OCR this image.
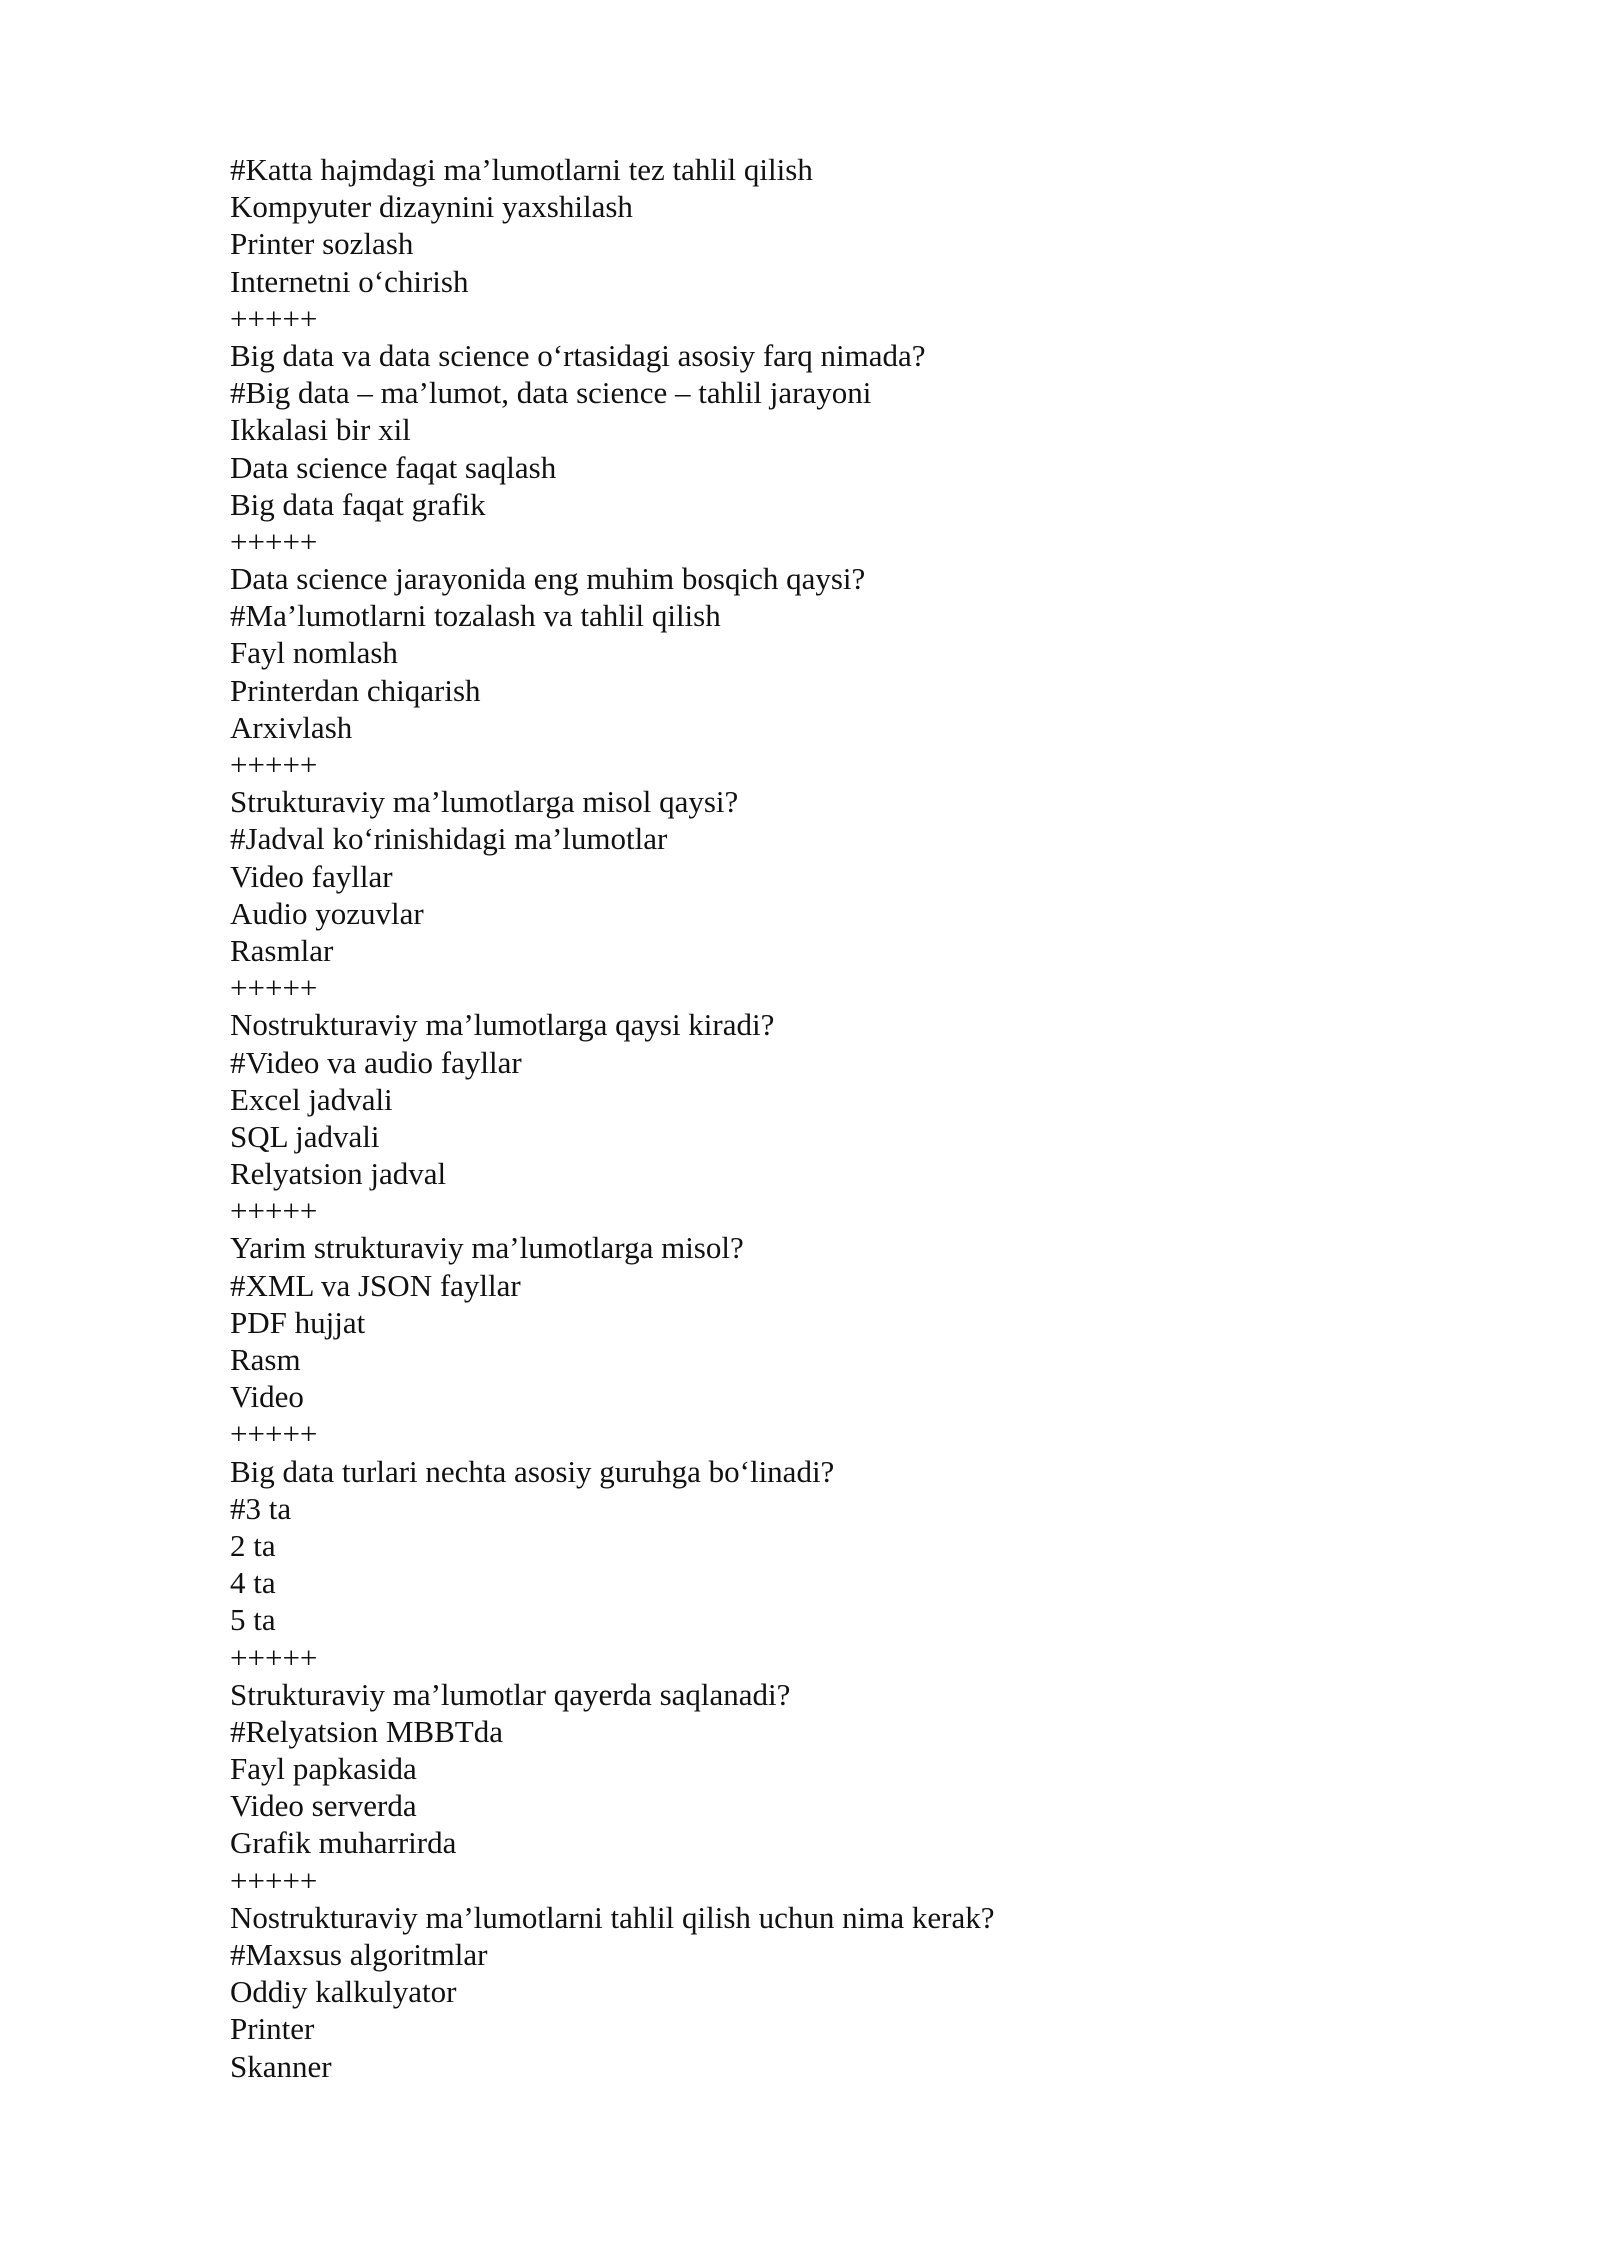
#Katta hajmdagi ma’lumotlarni tez tahlil qilish
Kompyuter dizaynini yaxshilash
Printer sozlash
Internetni o‘chirish
+++++
Big data va data science o‘rtasidagi asosiy farq nimada?
#Big data – ma’lumot, data science – tahlil jarayoni
Ikkalasi bir xil
Data science faqat saqlash
Big data faqat grafik
+++++
Data science jarayonida eng muhim bosqich qaysi?
#Ma’lumotlarni tozalash va tahlil qilish
Fayl nomlash
Printerdan chiqarish
Arxivlash
+++++
Strukturaviy ma’lumotlarga misol qaysi?
#Jadval ko‘rinishidagi ma’lumotlar
Video fayllar
Audio yozuvlar
Rasmlar
+++++
Nostrukturaviy ma’lumotlarga qaysi kiradi?
#Video va audio fayllar
Excel jadvali
SQL jadvali
Relyatsion jadval
+++++
Yarim strukturaviy ma’lumotlarga misol?
#XML va JSON fayllar
PDF hujjat
Rasm
Video
+++++
Big data turlari nechta asosiy guruhga bo‘linadi?
#3 ta
2 ta
4 ta
5 ta
+++++
Strukturaviy ma’lumotlar qayerda saqlanadi?
#Relyatsion MBBTda
Fayl papkasida
Video serverda
Grafik muharrirda
+++++
Nostrukturaviy ma’lumotlarni tahlil qilish uchun nima kerak?
#Maxsus algoritmlar
Oddiy kalkulyator
Printer
Skanner
